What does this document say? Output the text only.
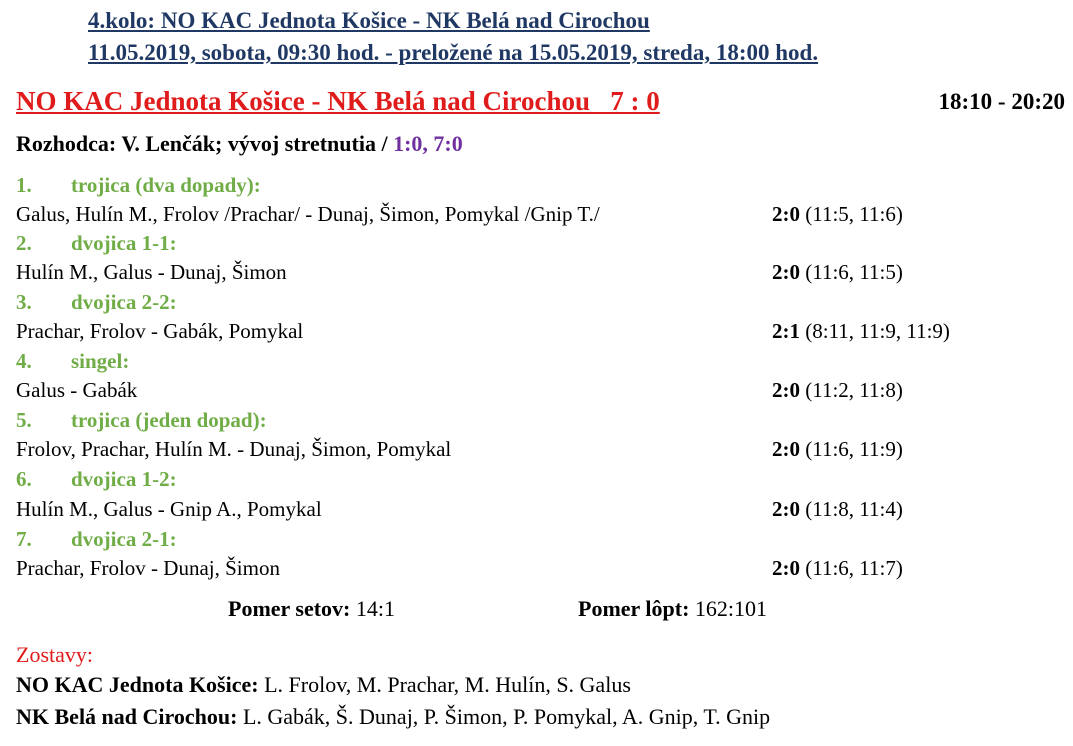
4.kolo: NO KAC Jednota Košice - NK Belá nad Cirochou
11.05.2019, sobota, 09:30 hod. - preložené na 15.05.2019, streda, 18:00 hod.
NO KAC Jednota Košice - NK Belá nad Cirochou   7 : 0	18:10 - 20:20
Rozhodca: V. Lenčák; vývoj stretnutia / 1:0, 7:0
1. trojica (dva dopady):
Galus, Hulín M., Frolov /Prachar/ - Dunaj, Šimon, Pomykal /Gnip T./	2:0 (11:5, 11:6)
2. dvojica 1-1:
Hulín M., Galus - Dunaj, Šimon	2:0 (11:6, 11:5)
3. dvojica 2-2:
Prachar, Frolov - Gabák, Pomykal	2:1 (8:11, 11:9, 11:9)
4. singel:
Galus - Gabák	2:0 (11:2, 11:8)
5. trojica (jeden dopad):
Frolov, Prachar, Hulín M. - Dunaj, Šimon, Pomykal	2:0 (11:6, 11:9)
6. dvojica 1-2:
Hulín M., Galus - Gnip A., Pomykal	2:0 (11:8, 11:4)
7. dvojica 2-1:
Prachar, Frolov - Dunaj, Šimon	2:0 (11:6, 11:7)
Pomer setov: 14:1	Pomer lôpt: 162:101
Zostavy:
NO KAC Jednota Košice: L. Frolov, M. Prachar, M. Hulín, S. Galus
NK Belá nad Cirochou: L. Gabák, Š. Dunaj, P. Šimon, P. Pomykal, A. Gnip, T. Gnip
